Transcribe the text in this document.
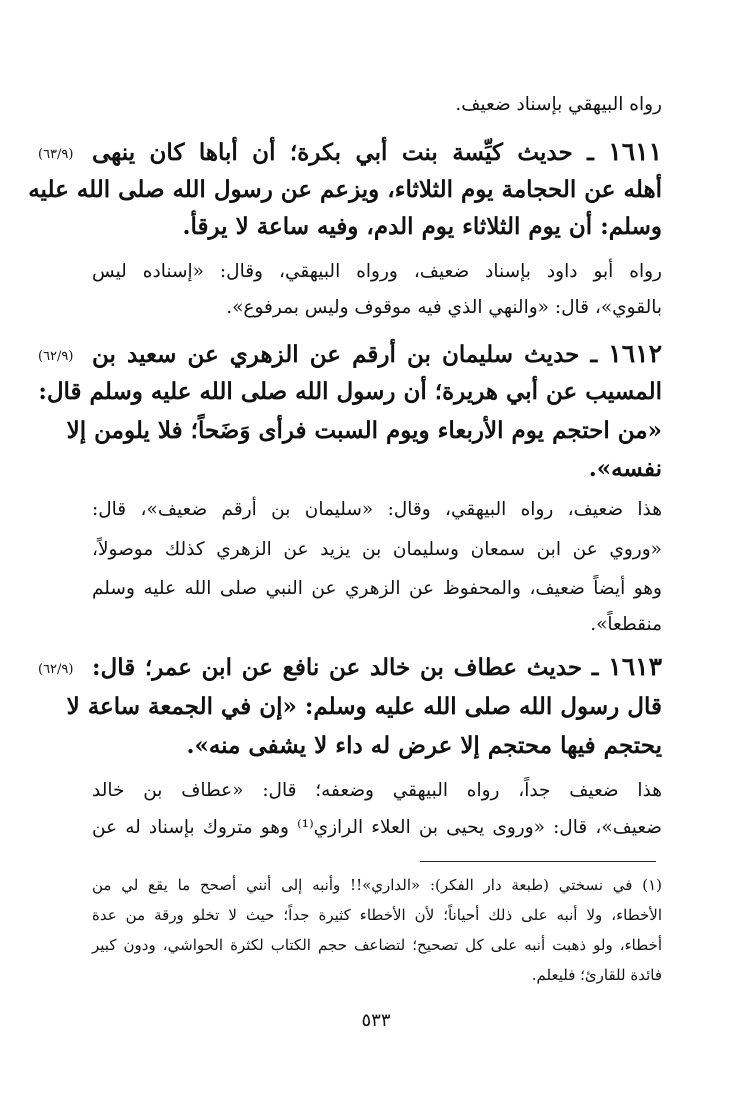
رواه البيهقي بإسناد ضعيف.
(٦٣/٩)	١٦١١ ـ حديث كيِّسة بنت أبي بكرة؛ أن أباها كان ينهى
أهله عن الحجامة يوم الثلاثاء، ويزعم عن رسول الله صلى الله عليه
وسلم: أن يوم الثلاثاء يوم الدم، وفيه ساعة لا يرقأ.
رواه أبو داود بإسناد ضعيف، ورواه البيهقي، وقال: «إسناده ليس
بالقوي»، قال: «والنهي الذي فيه موقوف وليس بمرفوع».
(٦٢/٩)	١٦١٢ ـ حديث سليمان بن أرقم عن الزهري عن سعيد بن
المسيب عن أبي هريرة؛ أن رسول الله صلى الله عليه وسلم قال:
«من احتجم يوم الأربعاء ويوم السبت فرأى وَضَحاً؛ فلا يلومن إلا
نفسه».
هذا ضعيف، رواه البيهقي، وقال: «سليمان بن أرقم ضعيف»، قال:
«وروي عن ابن سمعان وسليمان بن يزيد عن الزهري كذلك موصولاً،
وهو أيضاً ضعيف، والمحفوظ عن الزهري عن النبي صلى الله عليه وسلم
منقطعاً».
(٦٢/٩)	١٦١٣ ـ حديث عطاف بن خالد عن نافع عن ابن عمر؛ قال:
قال رسول الله صلى الله عليه وسلم: «إن في الجمعة ساعة لا
يحتجم فيها محتجم إلا عرض له داء لا يشفى منه».
هذا ضعيف جداً، رواه البيهقي وضعفه؛ قال: «عطاف بن خالد
ضعيف»، قال: «وروى يحيى بن العلاء الرازي⁽¹⁾ وهو متروك بإسناد له عن
(١) في نسختي (طبعة دار الفكر): «الداري»!! وأنبه إلى أنني أصحح ما يقع لي من
الأخطاء، ولا أنبه على ذلك أحياناً؛ لأن الأخطاء كثيرة جداً؛ حيث لا تخلو ورقة من عدة
أخطاء، ولو ذهبت أنبه على كل تصحيح؛ لتضاعف حجم الكتاب لكثرة الحواشي، ودون كبير
فائدة للقارئ؛ فليعلم.
٥٣٣
